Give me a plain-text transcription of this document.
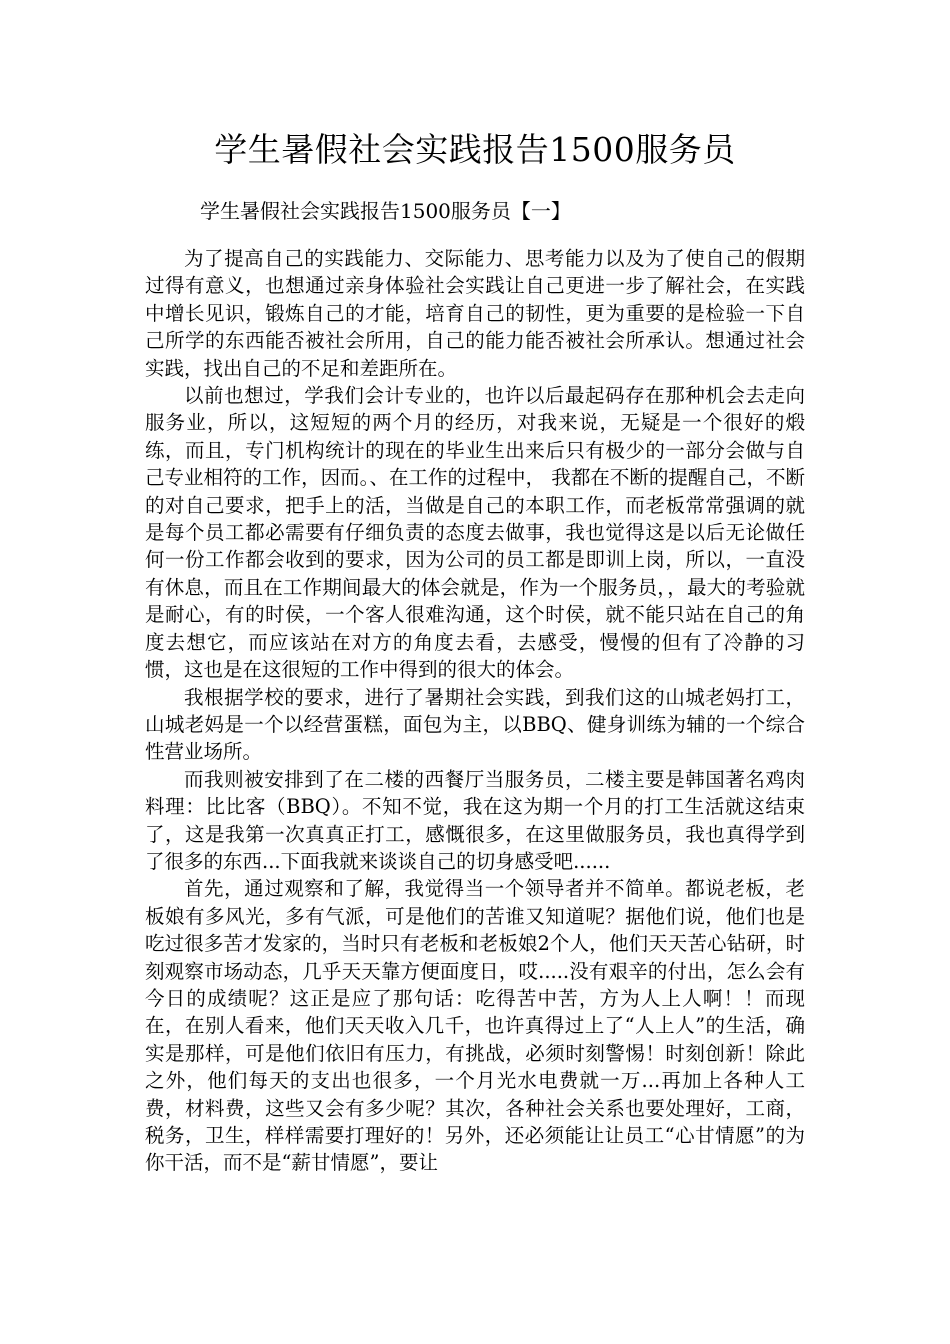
学生暑假社会实践报告1500服务员

学生暑假社会实践报告1500服务员【一】

为了提高自己的实践能力、交际能力、思考能力以及为了使自己的假期过得有意义，也想通过亲身体验社会实践让自己更进一步了解社会，在实践中增长见识，锻炼自己的才能，培育自己的韧性，更为重要的是检验一下自己所学的东西能否被社会所用，自己的能力能否被社会所承认。想通过社会实践，找出自己的不足和差距所在。

以前也想过，学我们会计专业的，也许以后最起码存在那种机会去走向服务业，所以，这短短的两个月的经历，对我来说，无疑是一个很好的煅练，而且，专门机构统计的现在的毕业生出来后只有极少的一部分会做与自己专业相符的工作，因而。、在工作的过程中， 我都在不断的提醒自己，不断的对自己要求，把手上的活，当做是自己的本职工作，而老板常常强调的就是每个员工都必需要有仔细负责的态度去做事，我也觉得这是以后无论做任何一份工作都会收到的要求，因为公司的员工都是即训上岗，所以，一直没有休息，而且在工作期间最大的体会就是，作为一个服务员，，最大的考验就是耐心，有的时侯，一个客人很难沟通，这个时侯，就不能只站在自己的角度去想它，而应该站在对方的角度去看，去感受，慢慢的但有了冷静的习惯，这也是在这很短的工作中得到的很大的体会。

我根据学校的要求，进行了暑期社会实践，到我们这的山城老妈打工，山城老妈是一个以经营蛋糕，面包为主，以BBQ、健身训练为辅的一个综合性营业场所。

而我则被安排到了在二楼的西餐厅当服务员，二楼主要是韩国著名鸡肉料理：比比客（BBQ）。不知不觉，我在这为期一个月的打工生活就这结束了，这是我第一次真真正打工，感慨很多，在这里做服务员，我也真得学到了很多的东西...下面我就来谈谈自己的切身感受吧......

首先，通过观察和了解，我觉得当一个领导者并不简单。都说老板，老板娘有多风光，多有气派，可是他们的苦谁又知道呢？据他们说，他们也是吃过很多苦才发家的，当时只有老板和老板娘2个人，他们天天苦心钻研，时刻观察市场动态，几乎天天靠方便面度日，哎.....没有艰辛的付出，怎么会有今日的成绩呢？这正是应了那句话：吃得苦中苦，方为人上人啊！！而现在，在别人看来，他们天天收入几千，也许真得过上了“人上人”的生活，确实是那样，可是他们依旧有压力，有挑战，必须时刻警惕！时刻创新！除此之外，他们每天的支出也很多，一个月光水电费就一万...再加上各种人工费，材料费，这些又会有多少呢？其次，各种社会关系也要处理好，工商，税务，卫生，样样需要打理好的！另外，还必须能让让员工“心甘情愿”的为你干活，而不是“薪甘情愿”，要让
